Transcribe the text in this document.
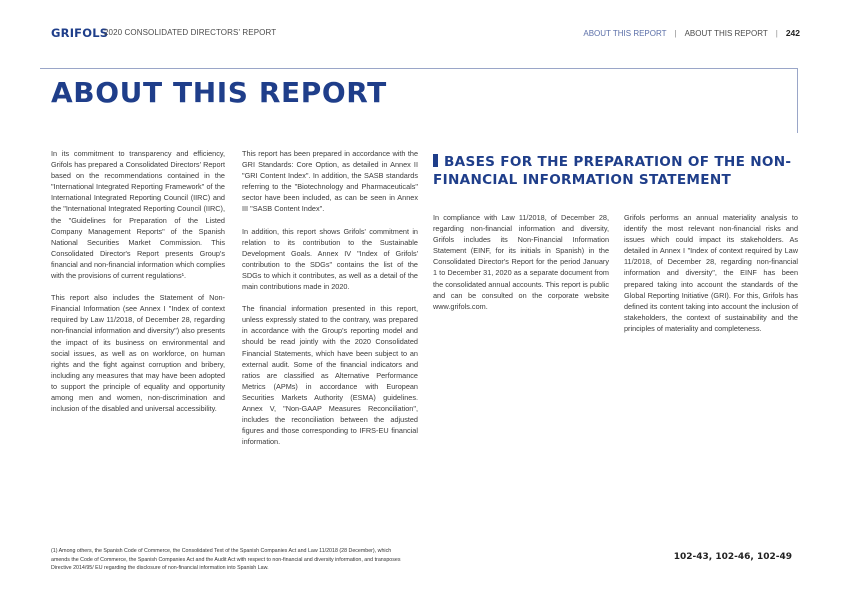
GRIFOLS
2020 CONSOLIDATED DIRECTORS' REPORT	ABOUT THIS REPORT | ABOUT THIS REPORT | 242
ABOUT THIS REPORT

In its commitment to transparency and efficiency, Grifols has prepared a Consolidated Directors' Report based on the recommendations contained in the "International Integrated Reporting Framework" of the International Integrated Reporting Council (IIRC) and the "International Integrated Reporting Council (IIRC), the "Guidelines for Preparation of the Listed Company Management Reports" of the Spanish National Securities Market Commission. This Consolidated Director's Report presents Group's financial and non-financial information which complies with the provisions of current regulations¹.

This report also includes the Statement of Non-Financial Information (see Annex I "Index of context required by Law 11/2018, of December 28, regarding non-financial information and diversity") also presents the impact of its business on environmental and social issues, as well as on workforce, on human rights and the fight against corruption and bribery, including any measures that may have been adopted to support the principle of equality and opportunity among men and women, non-discrimination and inclusion of the disabled and universal accessibility.

This report has been prepared in accordance with the GRI Standards: Core Option, as detailed in Annex II "GRI Content Index". In addition, the SASB standards referring to the "Biotechnology and Pharmaceuticals" sector have been included, as can be seen in Annex III "SASB Content Index".

In addition, this report shows Grifols' commitment in relation to its contribution to the Sustainable Development Goals. Annex IV "Index of Grifols' contribution to the SDGs" contains the list of the SDGs to which it contributes, as well as a detail of the main contributions made in 2020.

The financial information presented in this report, unless expressly stated to the contrary, was prepared in accordance with the Group's reporting model and should be read jointly with the 2020 Consolidated Financial Statements, which have been subject to an external audit. Some of the financial indicators and ratios are classified as Alternative Performance Metrics (APMs) in accordance with European Securities Markets Authority (ESMA) guidelines. Annex V, "Non-GAAP Measures Reconciliation", includes the reconciliation between the adjusted figures and those corresponding to IFRS-EU financial information.

BASES FOR THE PREPARATION OF THE NON-FINANCIAL INFORMATION STATEMENT

In compliance with Law 11/2018, of December 28, regarding non-financial information and diversity, Grifols includes its Non-Financial Information Statement (EINF, for its initials in Spanish) in the Consolidated Director's Report for the period January 1 to December 31, 2020 as a separate document from the consolidated annual accounts. This report is public and can be consulted on the corporate website www.grifols.com.

Grifols performs an annual materiality analysis to identify the most relevant non-financial risks and issues which could impact its stakeholders. As detailed in Annex I "Index of context required by Law 11/2018, of December 28, regarding non-financial information and diversity", the EINF has been prepared taking into account the standards of the Global Reporting Initiative (GRI). For this, Grifols has defined its content taking into account the inclusion of stakeholders, the context of sustainability and the principles of materiality and completeness.

(1) Among others, the Spanish Code of Commerce, the Consolidated Text of the Spanish Companies Act and Law 11/2018 (28 December), which amends the Code of Commerce, the Spanish Companies Act and the Audit Act with respect to non-financial and diversity information, and transposes Directive 2014/95/ EU regarding the disclosure of non-financial information into Spanish Law.
102-43, 102-46, 102-49
